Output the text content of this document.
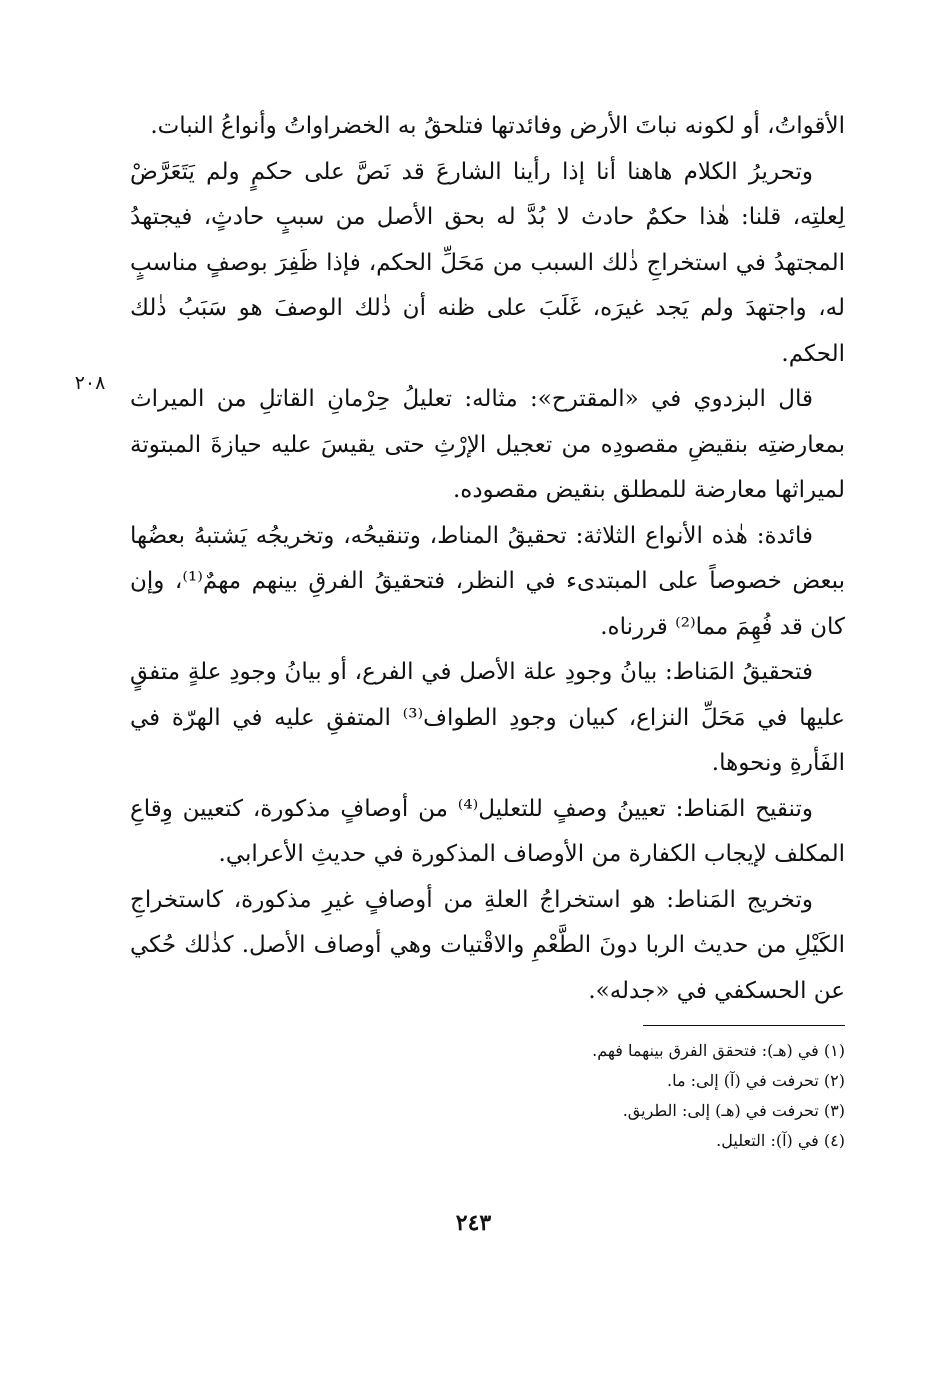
الأقواتُ، أو لكونه نباتَ الأرض وفائدتها فتلحقُ به الخضراواتُ وأنواعُ النبات.

وتحريرُ الكلام هاهنا أنا إذا رأينا الشارعَ قد نَصَّ على حكمٍ ولم يَتَعَرَّضْ لِعلتِه، قلنا: هٰذا حكمٌ حادث لا بُدَّ له بحق الأصل من سببٍ حادثٍ، فيجتهدُ المجتهدُ في استخراجِ ذٰلك السبب من مَحَلِّ الحكم، فإذا ظَفِرَ بوصفٍ مناسبٍ له، واجتهدَ ولم يَجد غيرَه، غَلَبَ على ظنه أن ذٰلك الوصفَ هو سَبَبُ ذٰلك الحكم.

قال البزدوي في «المقترح»: مثاله: تعليلُ حِرْمانِ القاتلِ من الميراث بمعارضتِه بنقيضِ مقصودِه من تعجيل الإرْثِ حتى يقيسَ عليه حيازةَ المبتوتة لميراثها معارضة للمطلق بنقيض مقصوده.

فائدة: هٰذه الأنواع الثلاثة: تحقيقُ المناط، وتنقيحُه، وتخريجُه يَشتبهُ بعضُها ببعض خصوصاً على المبتدىء في النظر، فتحقيقُ الفرقِ بينهم مهمٌ⁽¹⁾، وإن كان قد فُهِمَ مما⁽²⁾ قررناه.

فتحقيقُ المَناط: بيانُ وجودِ علة الأصل في الفرع، أو بيانُ وجودِ علةٍ متفقٍ عليها في مَحَلِّ النزاع، كبيان وجودِ الطواف⁽³⁾ المتفقِ عليه في الهرّة في الفَأرةِ ونحوها.

وتنقيح المَناط: تعيينُ وصفٍ للتعليل⁽⁴⁾ من أوصافٍ مذكورة، كتعيين وِقاعِ المكلف لإيجاب الكفارة من الأوصاف المذكورة في حديثِ الأعرابي.

وتخريج المَناط: هو استخراجُ العلةِ من أوصافٍ غيرِ مذكورة، كاستخراجِ الكَيْلِ من حديث الربا دونَ الطَّعْمِ والاقْتيات وهي أوصاف الأصل. كذٰلك حُكي عن الحسكفي في «جدله».

٢٠٨
(١) في (هـ): فتحقق الفرق بينهما فهم.
(٢) تحرفت في (آ) إلى: ما.
(٣) تحرفت في (هـ) إلى: الطريق.
(٤) في (آ): التعليل.
٢٤٣
